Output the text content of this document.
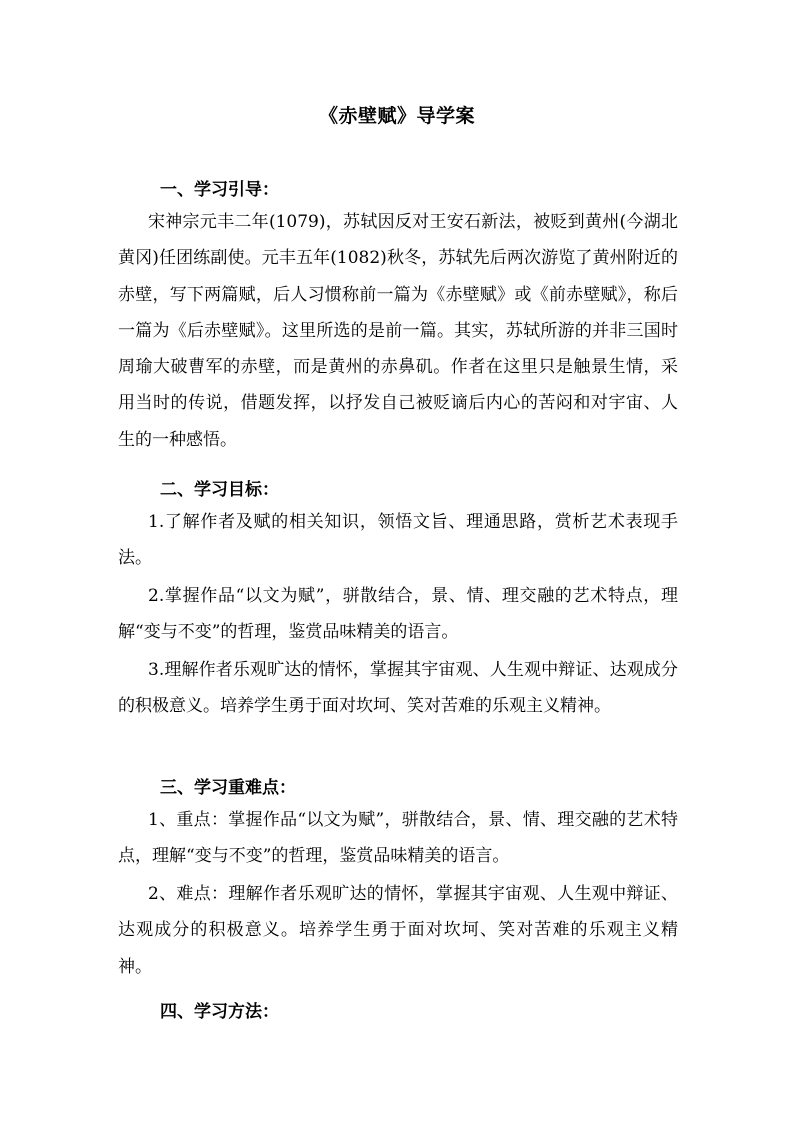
《赤壁赋》导学案
一、学习引导：
宋神宗元丰二年(1079)，苏轼因反对王安石新法，被贬到黄州(今湖北黄冈)任团练副使。元丰五年(1082)秋冬，苏轼先后两次游览了黄州附近的赤壁，写下两篇赋，后人习惯称前一篇为《赤壁赋》或《前赤壁赋》，称后一篇为《后赤壁赋》。这里所选的是前一篇。其实，苏轼所游的并非三国时周瑜大破曹军的赤壁，而是黄州的赤鼻矶。作者在这里只是触景生情，采用当时的传说，借题发挥，以抒发自己被贬谪后内心的苦闷和对宇宙、人生的一种感悟。
二、学习目标：
1.了解作者及赋的相关知识，领悟文旨、理通思路，赏析艺术表现手法。
2.掌握作品“以文为赋”，骈散结合，景、情、理交融的艺术特点，理解“变与不变”的哲理，鉴赏品味精美的语言。
3.理解作者乐观旷达的情怀，掌握其宇宙观、人生观中辩证、达观成分的积极意义。培养学生勇于面对坎坷、笑对苦难的乐观主义精神。
三、学习重难点：
1、重点：掌握作品“以文为赋”，骈散结合，景、情、理交融的艺术特点，理解“变与不变”的哲理，鉴赏品味精美的语言。
2、难点：理解作者乐观旷达的情怀，掌握其宇宙观、人生观中辩证、达观成分的积极意义。培养学生勇于面对坎坷、笑对苦难的乐观主义精神。
四、学习方法：
